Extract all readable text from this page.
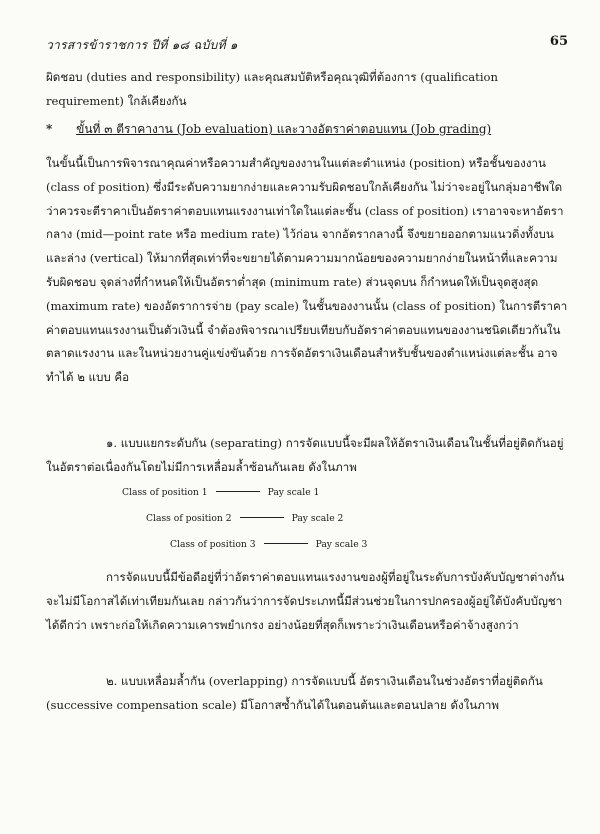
วารสารข้าราชการ ปีที่ ๑๘ ฉบับที่ ๑	65

ผิดชอบ (duties and responsibility) และคุณสมบัติหรือคุณวุฒิที่ต้องการ (qualification requirement) ใกล้เคียงกัน

* ขั้นที่ ๓ ตีราคางาน (Job evaluation) และวางอัตราค่าตอบแทน (Job grading)

ในขั้นนี้เป็นการพิจารณาคุณค่าหรือความสำคัญของงานในแต่ละตำแหน่ง (position) หรือชั้นของงาน (class of position) ซึ่งมีระดับความยากง่ายและความรับผิดชอบใกล้เคียงกัน ไม่ว่าจะอยู่ในกลุ่มอาชีพใด ว่าควรจะตีราคาเป็นอัตราค่าตอบแทนแรงงานเท่าใดในแต่ละชั้น (class of position) เราอาจจะหาอัตรากลาง (mid—point rate หรือ medium rate) ไว้ก่อน จากอัตรากลางนี้ จึงขยายออกตามแนวดิ่งทั้งบนและล่าง (vertical) ให้มากที่สุดเท่าที่จะขยายได้ตามความมากน้อยของความยากง่ายในหน้าที่และความรับผิดชอบ จุดล่างที่กำหนดให้เป็นอัตราต่ำสุด (minimum rate) ส่วนจุดบน ก็กำหนดให้เป็นจุดสูงสุด (maximum rate) ของอัตราการจ่าย (pay scale) ในชั้นของงานนั้น (class of position) ในการตีราคาค่าตอบแทนแรงงานเป็นตัวเงินนี้ จำต้องพิจารณาเปรียบเทียบกับอัตราค่าตอบแทนของงานชนิดเดียวกันในตลาดแรงงาน และในหน่วยงานคู่แข่งขันด้วย การจัดอัตราเงินเดือนสำหรับชั้นของตำแหน่งแต่ละชั้น อาจทำได้ ๒ แบบ คือ

๑. แบบแยกระดับกัน (separating) การจัดแบบนี้จะมีผลให้อัตราเงินเดือนในชั้นที่อยู่ติดกันอยู่ในอัตราต่อเนื่องกันโดยไม่มีการเหลื่อมล้ำซ้อนกันเลย ดังในภาพ

Class of position 1	Pay scale 1
Class of position 2	Pay scale 2
Class of position 3	Pay scale 3

การจัดแบบนี้มีข้อดีอยู่ที่ว่าอัตราค่าตอบแทนแรงงานของผู้ที่อยู่ในระดับการบังคับบัญชาต่างกันจะไม่มีโอกาสได้เท่าเทียมกันเลย กล่าวกันว่าการจัดประเภทนี้มีส่วนช่วยในการปกครองผู้อยู่ใต้บังคับบัญชาได้ดีกว่า เพราะก่อให้เกิดความเคารพยำเกรง อย่างน้อยที่สุดก็เพราะว่าเงินเดือนหรือค่าจ้างสูงกว่า

๒. แบบเหลื่อมล้ำกัน (overlapping) การจัดแบบนี้ อัตราเงินเดือนในช่วงอัตราที่อยู่ติดกัน (successive compensation scale) มีโอกาสซ้ำกันได้ในตอนต้นและตอนปลาย ดังในภาพ
